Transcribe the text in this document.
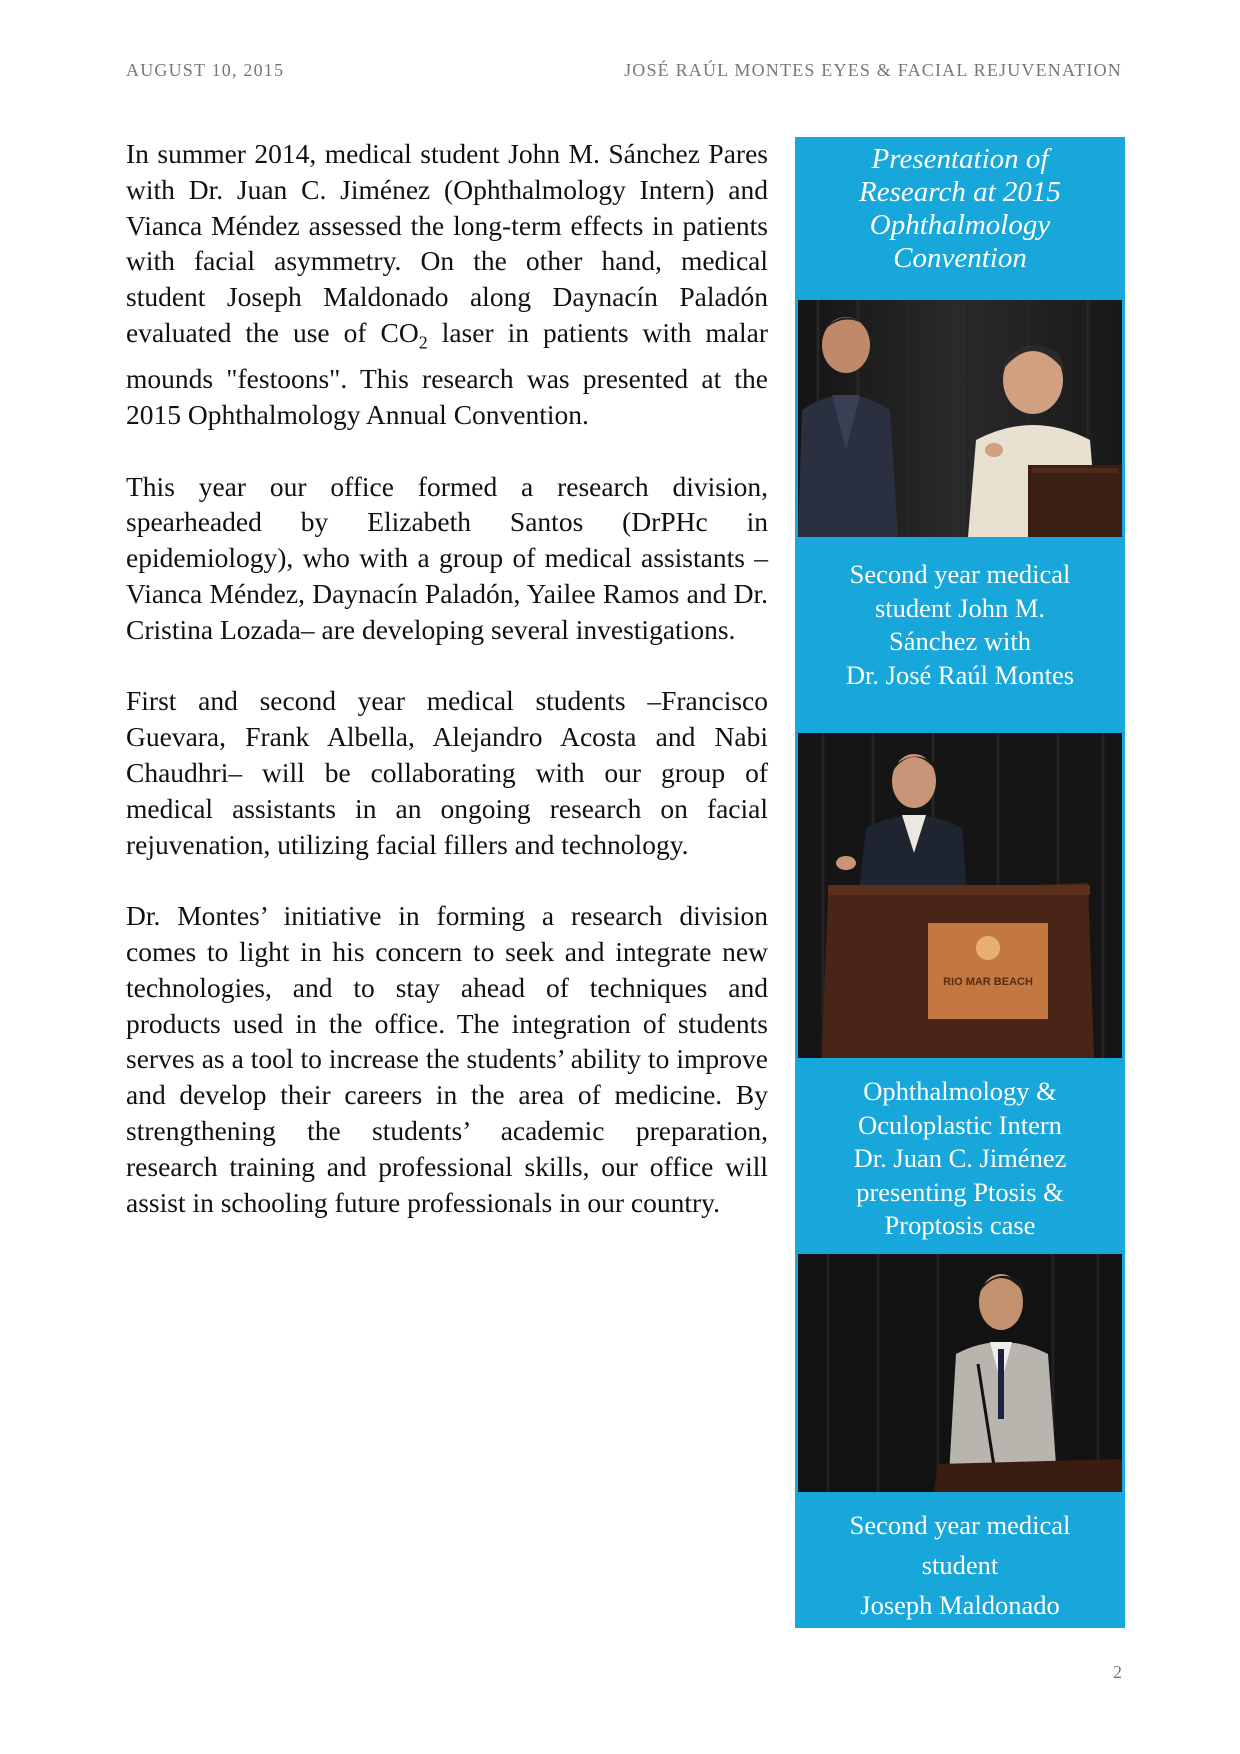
AUGUST 10, 2015	JOSÉ RAÚL MONTES EYES & FACIAL REJUVENATION

In summer 2014, medical student John M. Sánchez Pares with Dr. Juan C. Jiménez (Ophthalmology Intern) and Vianca Méndez assessed the long-term effects in patients with facial asymmetry. On the other hand, medical student Joseph Maldonado along Daynacín Paladón evaluated the use of $CO_2$ laser in patients with malar mounds "festoons". This research was presented at the 2015 Ophthalmology Annual Convention.

This year our office formed a research division, spearheaded by Elizabeth Santos (DrPHc in epidemiology), who with a group of medical assistants –Vianca Méndez, Daynacín Paladón, Yailee Ramos and Dr. Cristina Lozada– are developing several investigations.

First and second year medical students –Francisco Guevara, Frank Albella, Alejandro Acosta and Nabi Chaudhri– will be collaborating with our group of medical assistants in an ongoing research on facial rejuvenation, utilizing facial fillers and technology.

Dr. Montes’ initiative in forming a research division comes to light in his concern to seek and integrate new technologies, and to stay ahead of techniques and products used in the office. The integration of students serves as a tool to increase the students’ ability to improve and develop their careers in the area of medicine. By strengthening the students’ academic preparation, research training and professional skills, our office will assist in schooling future professionals in our country.

Presentation of
Research at 2015
Ophthalmology
Convention
Second year medical
student John M.
Sánchez with
Dr. José Raúl Montes
RIO MAR BEACH
Ophthalmology &
Oculoplastic Intern
Dr. Juan C. Jiménez
presenting Ptosis &
Proptosis case
Second year medical
student
Joseph Maldonado
2
